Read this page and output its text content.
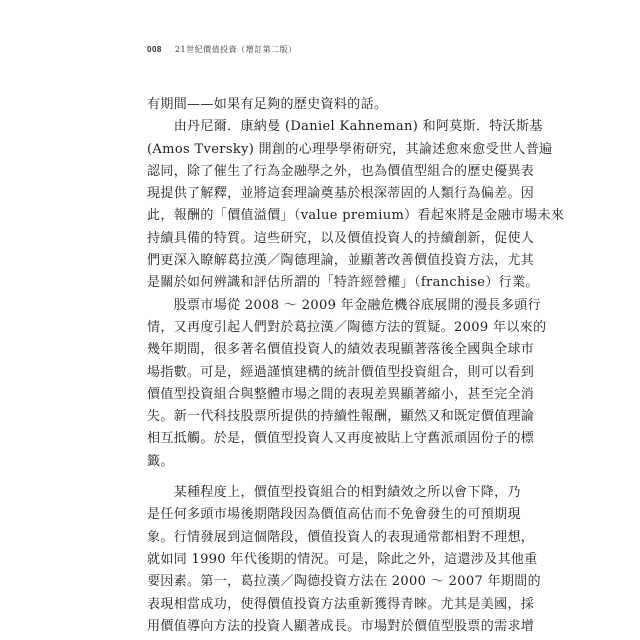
008 21世紀價值投資（增訂第二版）

有期間——如果有足夠的歷史資料的話。

　　由丹尼爾．康納曼 (Daniel Kahneman) 和阿莫斯．特沃斯基
(Amos Tversky) 開創的心理學學術研究，其論述愈來愈受世人普遍
認同，除了催生了行為金融學之外，也為價值型組合的歷史優異表
現提供了解釋，並將這套理論奠基於根深蒂固的人類行為偏差。因
此，報酬的「價值溢價」（value premium）看起來將是金融市場未來
持續具備的特質。這些研究，以及價值投資人的持續創新，促使人
們更深入瞭解葛拉漢／陶德理論，並顯著改善價值投資方法，尤其
是關於如何辨識和評估所謂的「特許經營權」（franchise）行業。

　　股票市場從 2008 ～ 2009 年金融危機谷底展開的漫長多頭行
情，又再度引起人們對於葛拉漢／陶德方法的質疑。2009 年以來的
幾年期間，很多著名價值投資人的績效表現顯著落後全國與全球市
場指數。可是，經過謹慎建構的統計價值型投資組合，則可以看到
價值型投資組合與整體市場之間的表現差異顯著縮小，甚至完全消
失。新一代科技股票所提供的持續性報酬，顯然又和既定價值理論
相互抵觸。於是，價值型投資人又再度被貼上守舊派頑固份子的標
籤。

　　某種程度上，價值型投資組合的相對績效之所以會下降，乃
是任何多頭市場後期階段因為價值高估而不免會發生的可預期現
象。行情發展到這個階段，價值投資人的表現通常都相對不理想，
就如同 1990 年代後期的情況。可是，除此之外，這還涉及其他重
要因素。第一，葛拉漢／陶德投資方法在 2000 ～ 2007 年期間的
表現相當成功，使得價值投資方法重新獲得青睞。尤其是美國，採
用價值導向方法的投資人顯著成長。市場對於價值型股票的需求增
